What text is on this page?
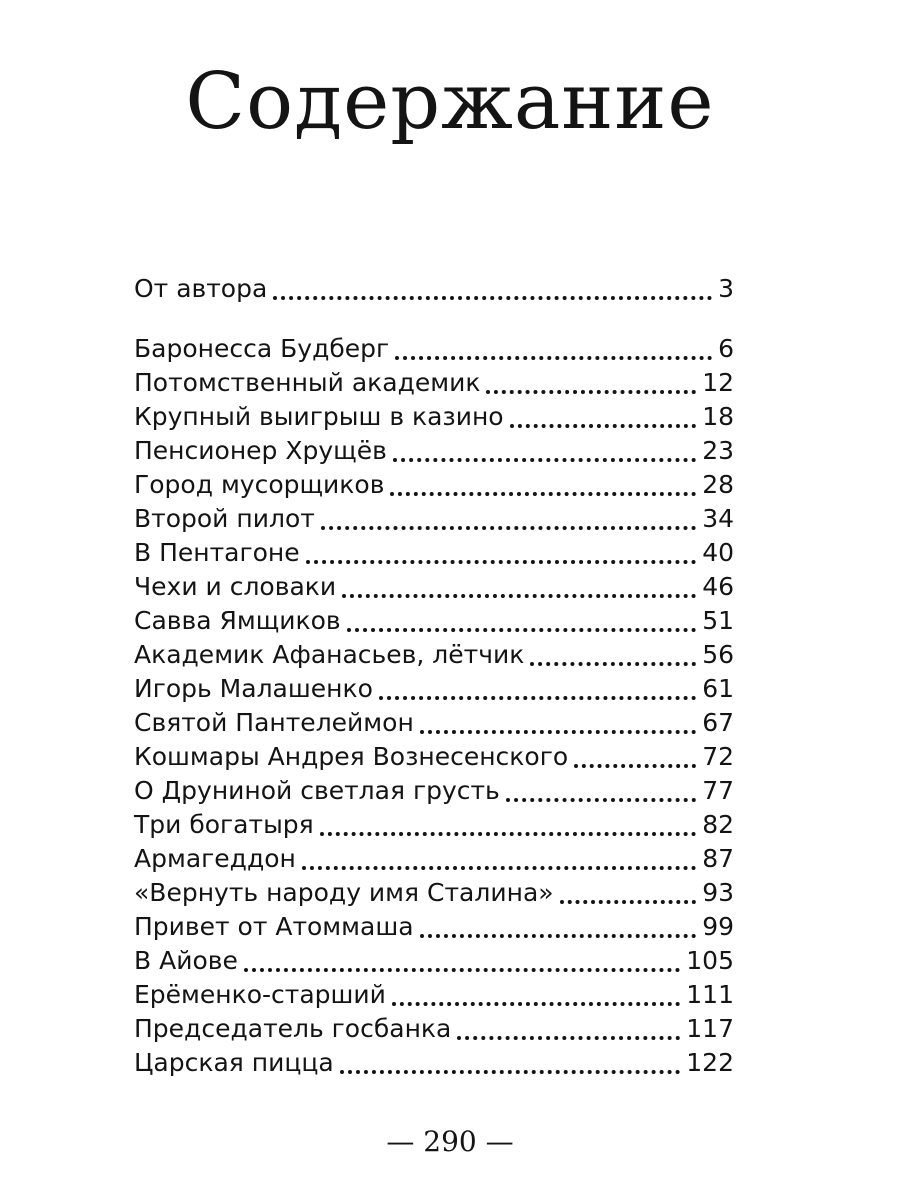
Содержание
От автора	3
Баронесса Будберг	6
Потомственный академик	12
Крупный выигрыш в казино	18
Пенсионер Хрущёв	23
Город мусорщиков	28
Второй пилот	34
В Пентагоне	40
Чехи и словаки	46
Савва Ямщиков	51
Академик Афанасьев, лётчик	56
Игорь Малашенко	61
Святой Пантелеймон	67
Кошмары Андрея Вознесенского	72
О Друниной светлая грусть	77
Три богатыря	82
Армагеддон	87
«Вернуть народу имя Сталина»	93
Привет от Атоммаша	99
В Айове	105
Ерёменко-старший	111
Председатель госбанка	117
Царская пицца	122
— 290 —
